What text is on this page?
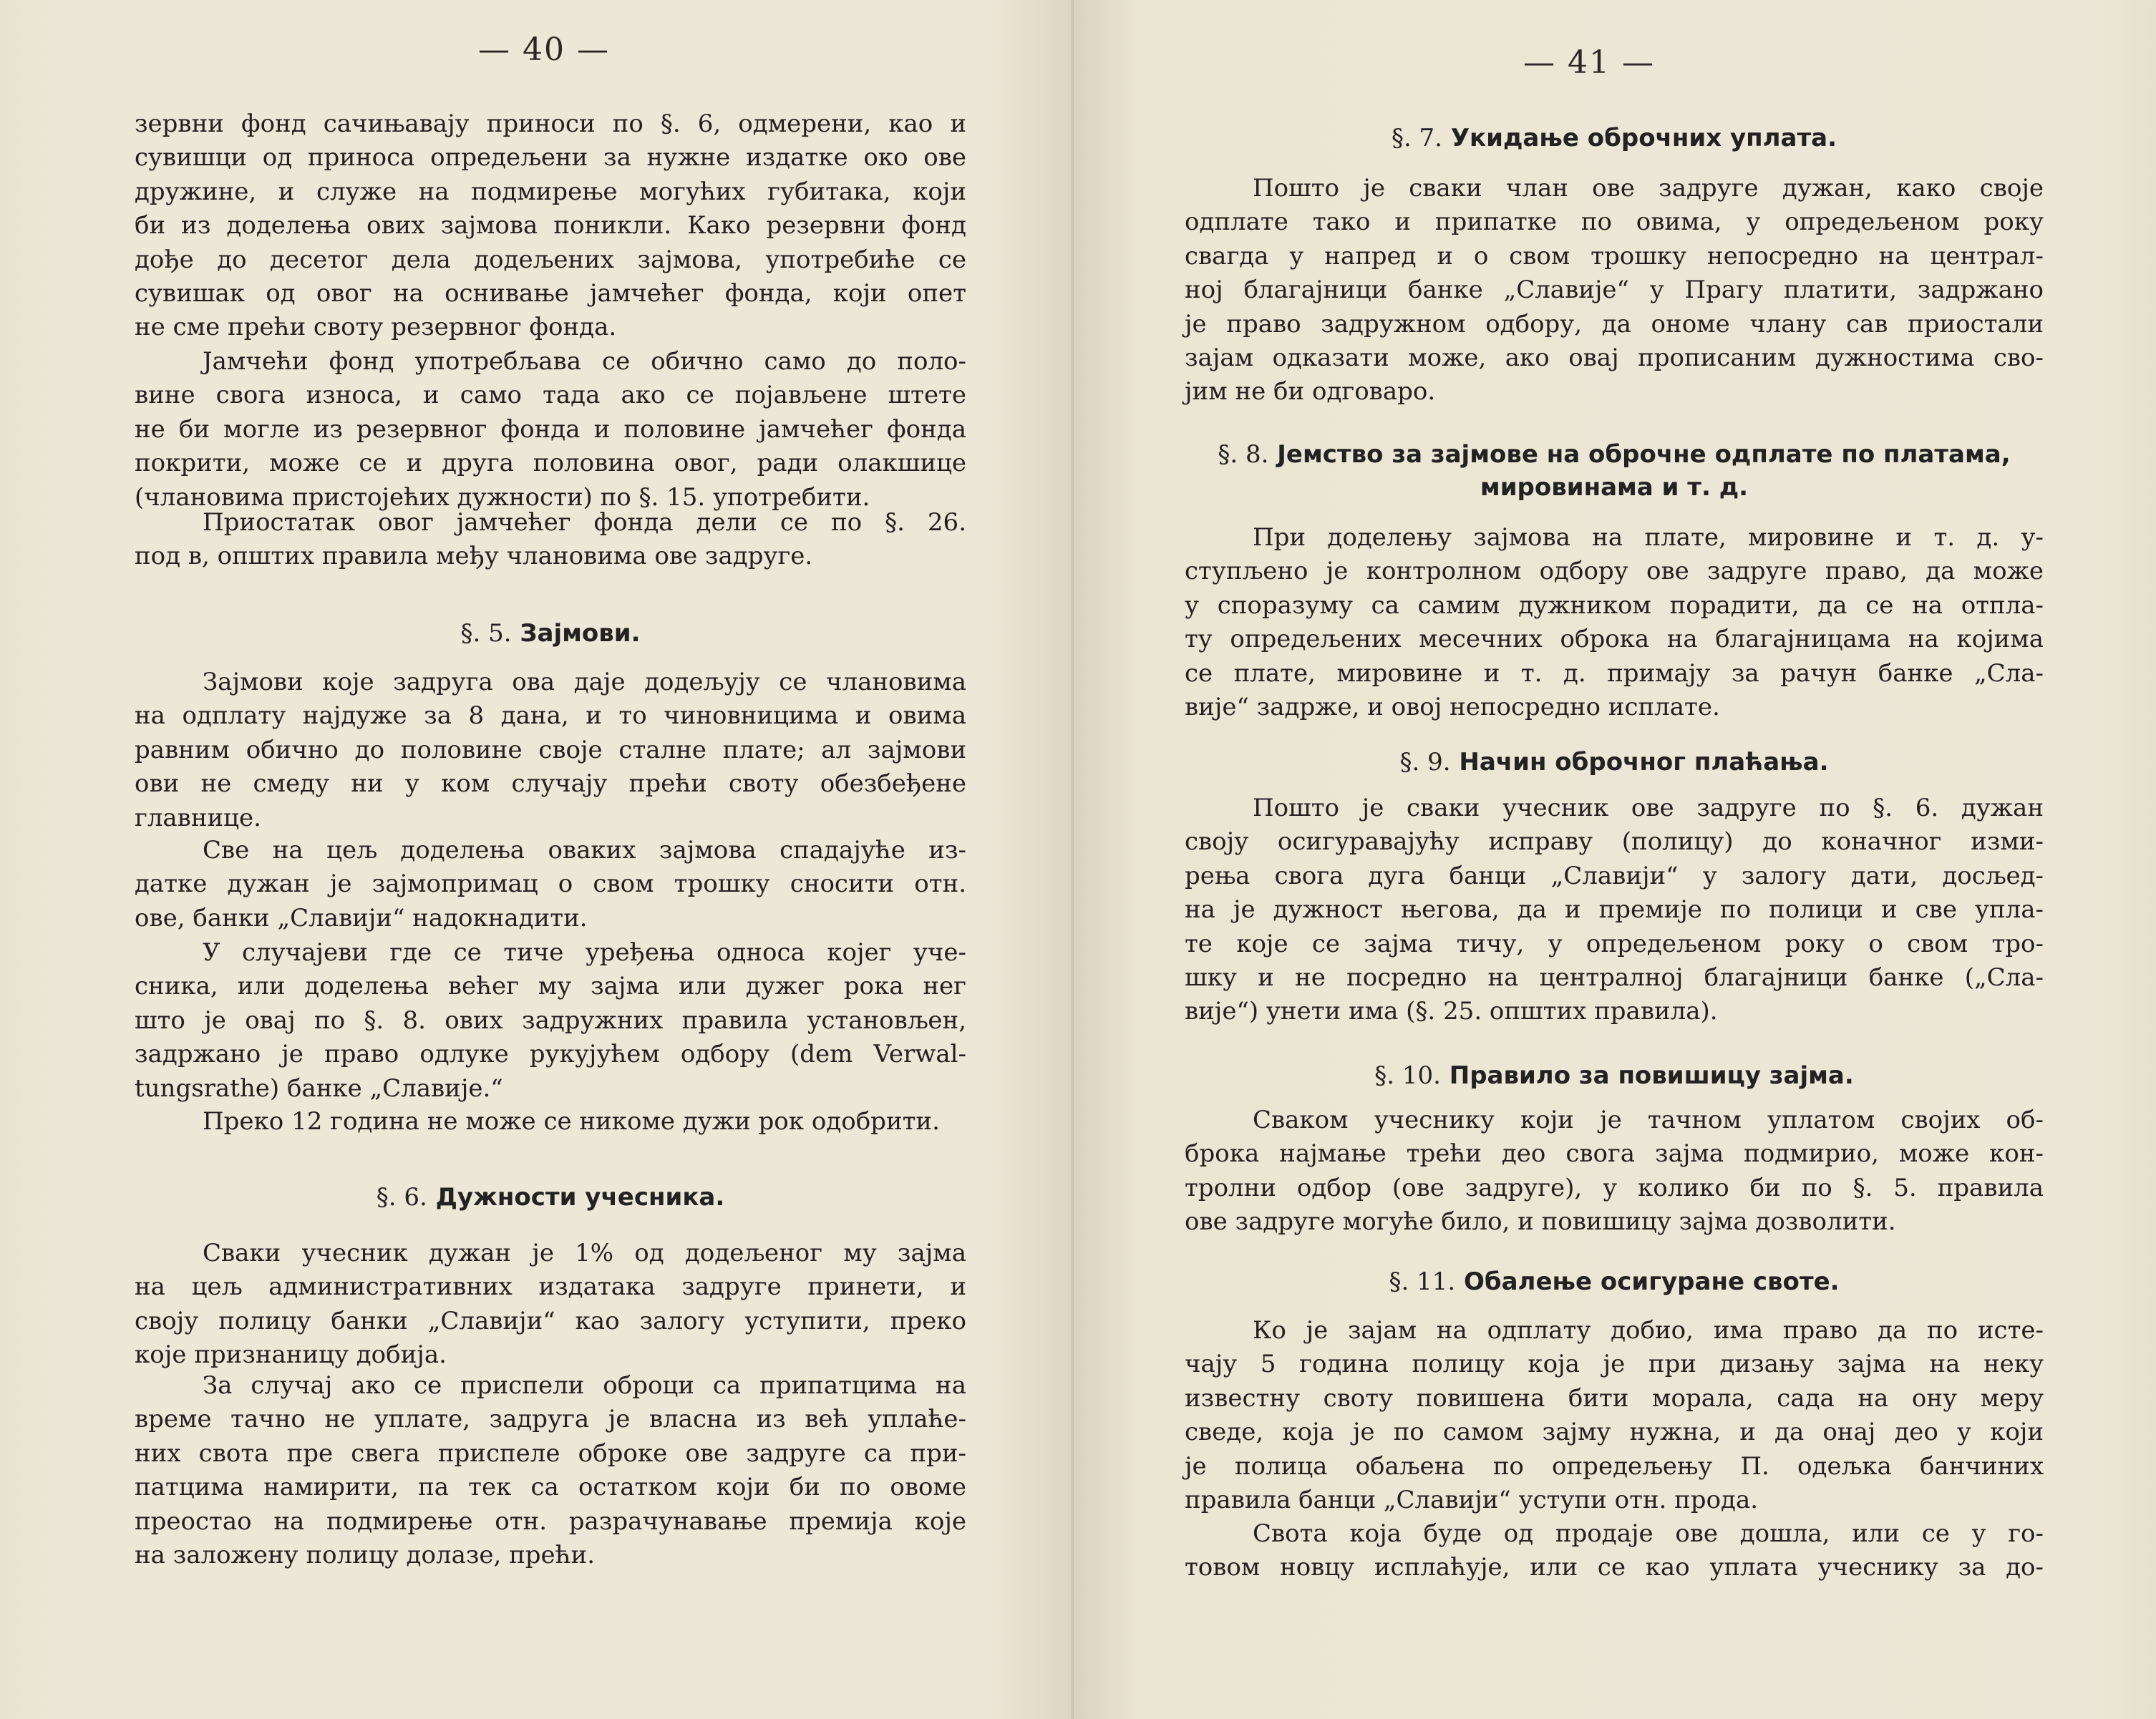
— 40 —

зервни фонд сачињавају приноси по §. 6, одмерени, као и

сувишци од приноса опредељени за нужне издатке око ове

дружине, и служе на подмирење могућих губитака, који

би из доделења ових зајмова поникли. Како резервни фонд

дође до десетог дела додељених зајмова, употребиће се

сувишак од овог на оснивање јамчећег фонда, који опет

не сме прећи своту резервног фонда.

Јамчећи фонд употребљава се обично само до поло-

вине свога износа, и само тада ако се појављене штете

не би могле из резервног фонда и половине јамчећег фонда

покрити, може се и друга половина овог, ради олакшице

(члановима пристојећих дужности) по §. 15. употребити.

Приостатак овог јамчећег фонда дели се по §. 26.

под в, општих правила међу члановима ове задруге.

§. 5. Зајмови.

Зајмови које задруга ова даје додељују се члановима

на одплату најдуже за 8 дана, и то чиновницима и овима

равним обично до половине своје сталне плате; ал зајмови

ови не смеду ни у ком случају прећи своту обезбеђене

главнице.

Све на цељ доделења оваких зајмова спадајуће из-

датке дужан је зајмопримац о свом трошку сносити отн.

ове, банки „Славији“ надокнадити.

У случајеви где се тиче уређења односа којег уче-

сника, или доделења већег му зајма или дужег рока нег

што је овај по §. 8. ових задружних правила установљен,

задржано је право одлуке рукујућем одбору (dem Verwal-

tungsrathe) банке „Славије.“

Преко 12 година не може се никоме дужи рок одобрити.

§. 6. Дужности учесника.

Сваки учесник дужан је 1% од додељеног му зајма

на цељ административних издатака задруге принети, и

своју полицу банки „Славији“ као залогу уступити, преко

које признаницу добија.

За случај ако се приспели оброци са припатцима на

време тачно не уплате, задруга је власна из већ уплаће-

них свота пре свега приспеле оброке ове задруге са при-

патцима намирити, па тек са остатком који би по овоме

преостао на подмирење отн. разрачунавање премија које

на заложену полицу долазе, прећи.

— 41 —
§. 7. Укидање оброчних уплата.

Пошто је сваки члан ове задруге дужан, како своје

одплате тако и припатке по овима, у опредељеном року

свагда у напред и о свом трошку непосредно на централ-

ној благајници банке „Славије“ у Прагу платити, задржано

је право задружном одбору, да ономе члану сав приостали

зајам одказати може, ако овај прописаним дужностима сво-

јим не би одговаро.

§. 8. Јемство за зајмове на оброчне одплате по платама,
мировинама и т. д.

При доделењу зајмова на плате, мировине и т. д. у-

ступљено је контролном одбору ове задруге право, да може

у споразуму са самим дужником порадити, да се на отпла-

ту опредељених месечних оброка на благајницама на којима

се плате, мировине и т. д. примају за рачун банке „Сла-

вије“ задрже, и овој непосредно исплате.

§. 9. Начин оброчног плаћања.

Пошто је сваки учесник ове задруге по §. 6. дужан

своју осигуравајућу исправу (полицу) до коначног изми-

рења свога дуга банци „Славији“ у залогу дати, досљед-

на је дужност његова, да и премије по полици и све упла-

те које се зајма тичу, у опредељеном року о свом тро-

шку и не посредно на централној благајници банке („Сла-

вије“) унети има (§. 25. општих правила).

§. 10. Правило за повишицу зајма.

Сваком учеснику који је тачном уплатом својих об-

брока најмање трећи део свога зајма подмирио, може кон-

тролни одбор (ове задруге), у колико би по §. 5. правила

ове задруге могуће било, и повишицу зајма дозволити.

§. 11. Обалење осигуране своте.

Ко је зајам на одплату добио, има право да по исте-

чају 5 година полицу која је при дизању зајма на неку

известну своту повишена бити морала, сада на ону меру

сведе, која је по самом зајму нужна, и да онај део у који

је полица обаљена по опредељењу П. одељка банчиних

правила банци „Славији“ уступи отн. прода.

Свота која буде од продаје ове дошла, или се у го-

товом новцу исплаћује, или се као уплата учеснику за до-
